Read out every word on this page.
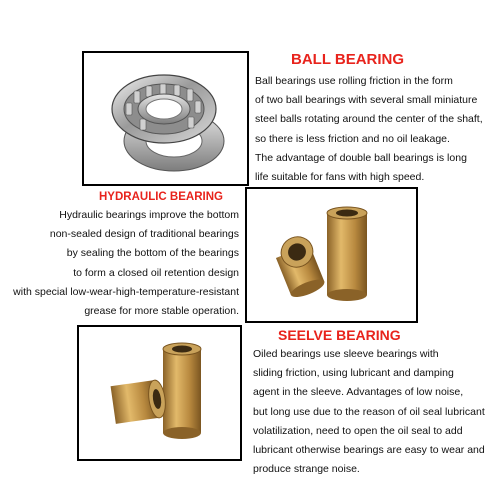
BALL BEARING
Ball bearings use rolling friction in the form
of two ball bearings with several small miniature
steel balls rotating around the center of the shaft,
so there is less friction and no oil leakage.
The advantage of double ball bearings is long
life suitable for fans with high speed.
HYDRAULIC BEARING
Hydraulic bearings improve the bottom
non-sealed design of traditional bearings
by sealing the bottom of the bearings
to form a closed oil retention design
with special low-wear-high-temperature-resistant
grease for more stable operation.
SEELVE BEARING
Oiled bearings use sleeve bearings with
sliding friction, using lubricant and damping
agent in the sleeve. Advantages of low noise,
but long use due to the reason of oil seal lubricant
volatilization, need to open the oil seal to add
lubricant otherwise bearings are easy to wear and
produce strange noise.
